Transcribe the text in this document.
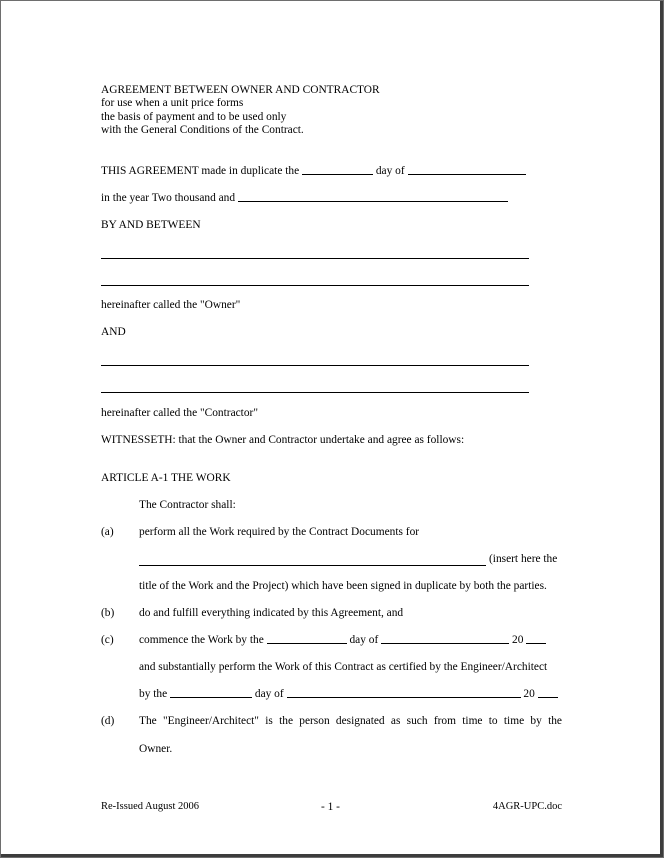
AGREEMENT BETWEEN OWNER AND CONTRACTOR
for use when a unit price forms
the basis of payment and to be used only
with the General Conditions of the Contract.
THIS AGREEMENT made in duplicate the	day of
in the year Two thousand and
BY AND BETWEEN
hereinafter called the "Owner"
AND
hereinafter called the "Contractor"
WITNESSETH: that the Owner and Contractor undertake and agree as follows:
ARTICLE A-1 THE WORK
The Contractor shall:
(a) perform all the Work required by the Contract Documents for
(insert here the
title of the Work and the Project) which have been signed in duplicate by both the parties.
(b) do and fulfill everything indicated by this Agreement, and
(c) commence the Work by the	day of	20
and substantially perform the Work of this Contract as certified by the Engineer/Architect
by the	day of	20
(d) The "Engineer/Architect" is the person designated as such from time to time by the
Owner.
Re-Issued August 2006	- 1 -	4AGR-UPC.doc
